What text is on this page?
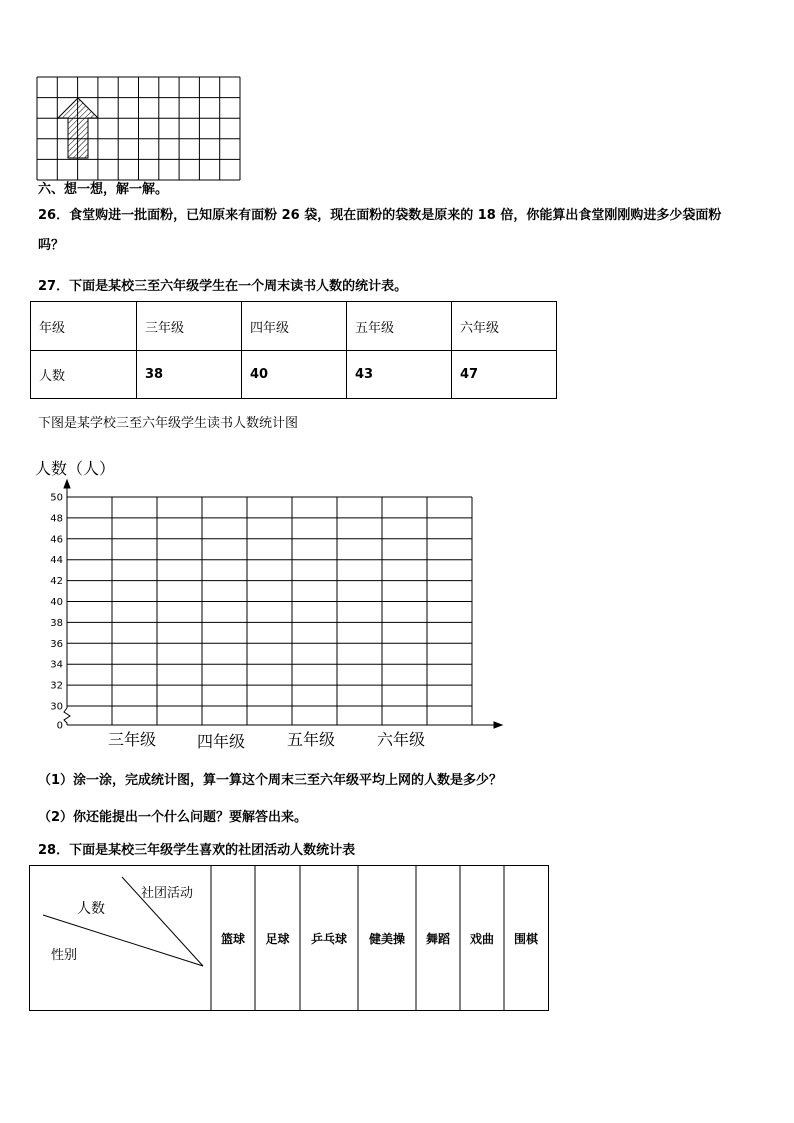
六、想一想，解一解。
26．食堂购进一批面粉，已知原来有面粉 26 袋，现在面粉的袋数是原来的 18 倍，你能算出食堂刚刚购进多少袋面粉
吗？
27．下面是某校三至六年级学生在一个周末读书人数的统计表。
年级	三年级	四年级	五年级	六年级
人数	38	40	43	47
下图是某学校三至六年级学生读书人数统计图
人数（人）
0
30
32
34
36
38
40
42
44
46
48
50
三年级	四年级	五年级	六年级
（1）涂一涂，完成统计图，算一算这个周末三至六年级平均上网的人数是多少？
（2）你还能提出一个什么问题？要解答出来。
28．下面是某校三年级学生喜欢的社团活动人数统计表
社团活动
人数
性别
篮球 足球 乒乓球 健美操 舞蹈 戏曲 围棋
